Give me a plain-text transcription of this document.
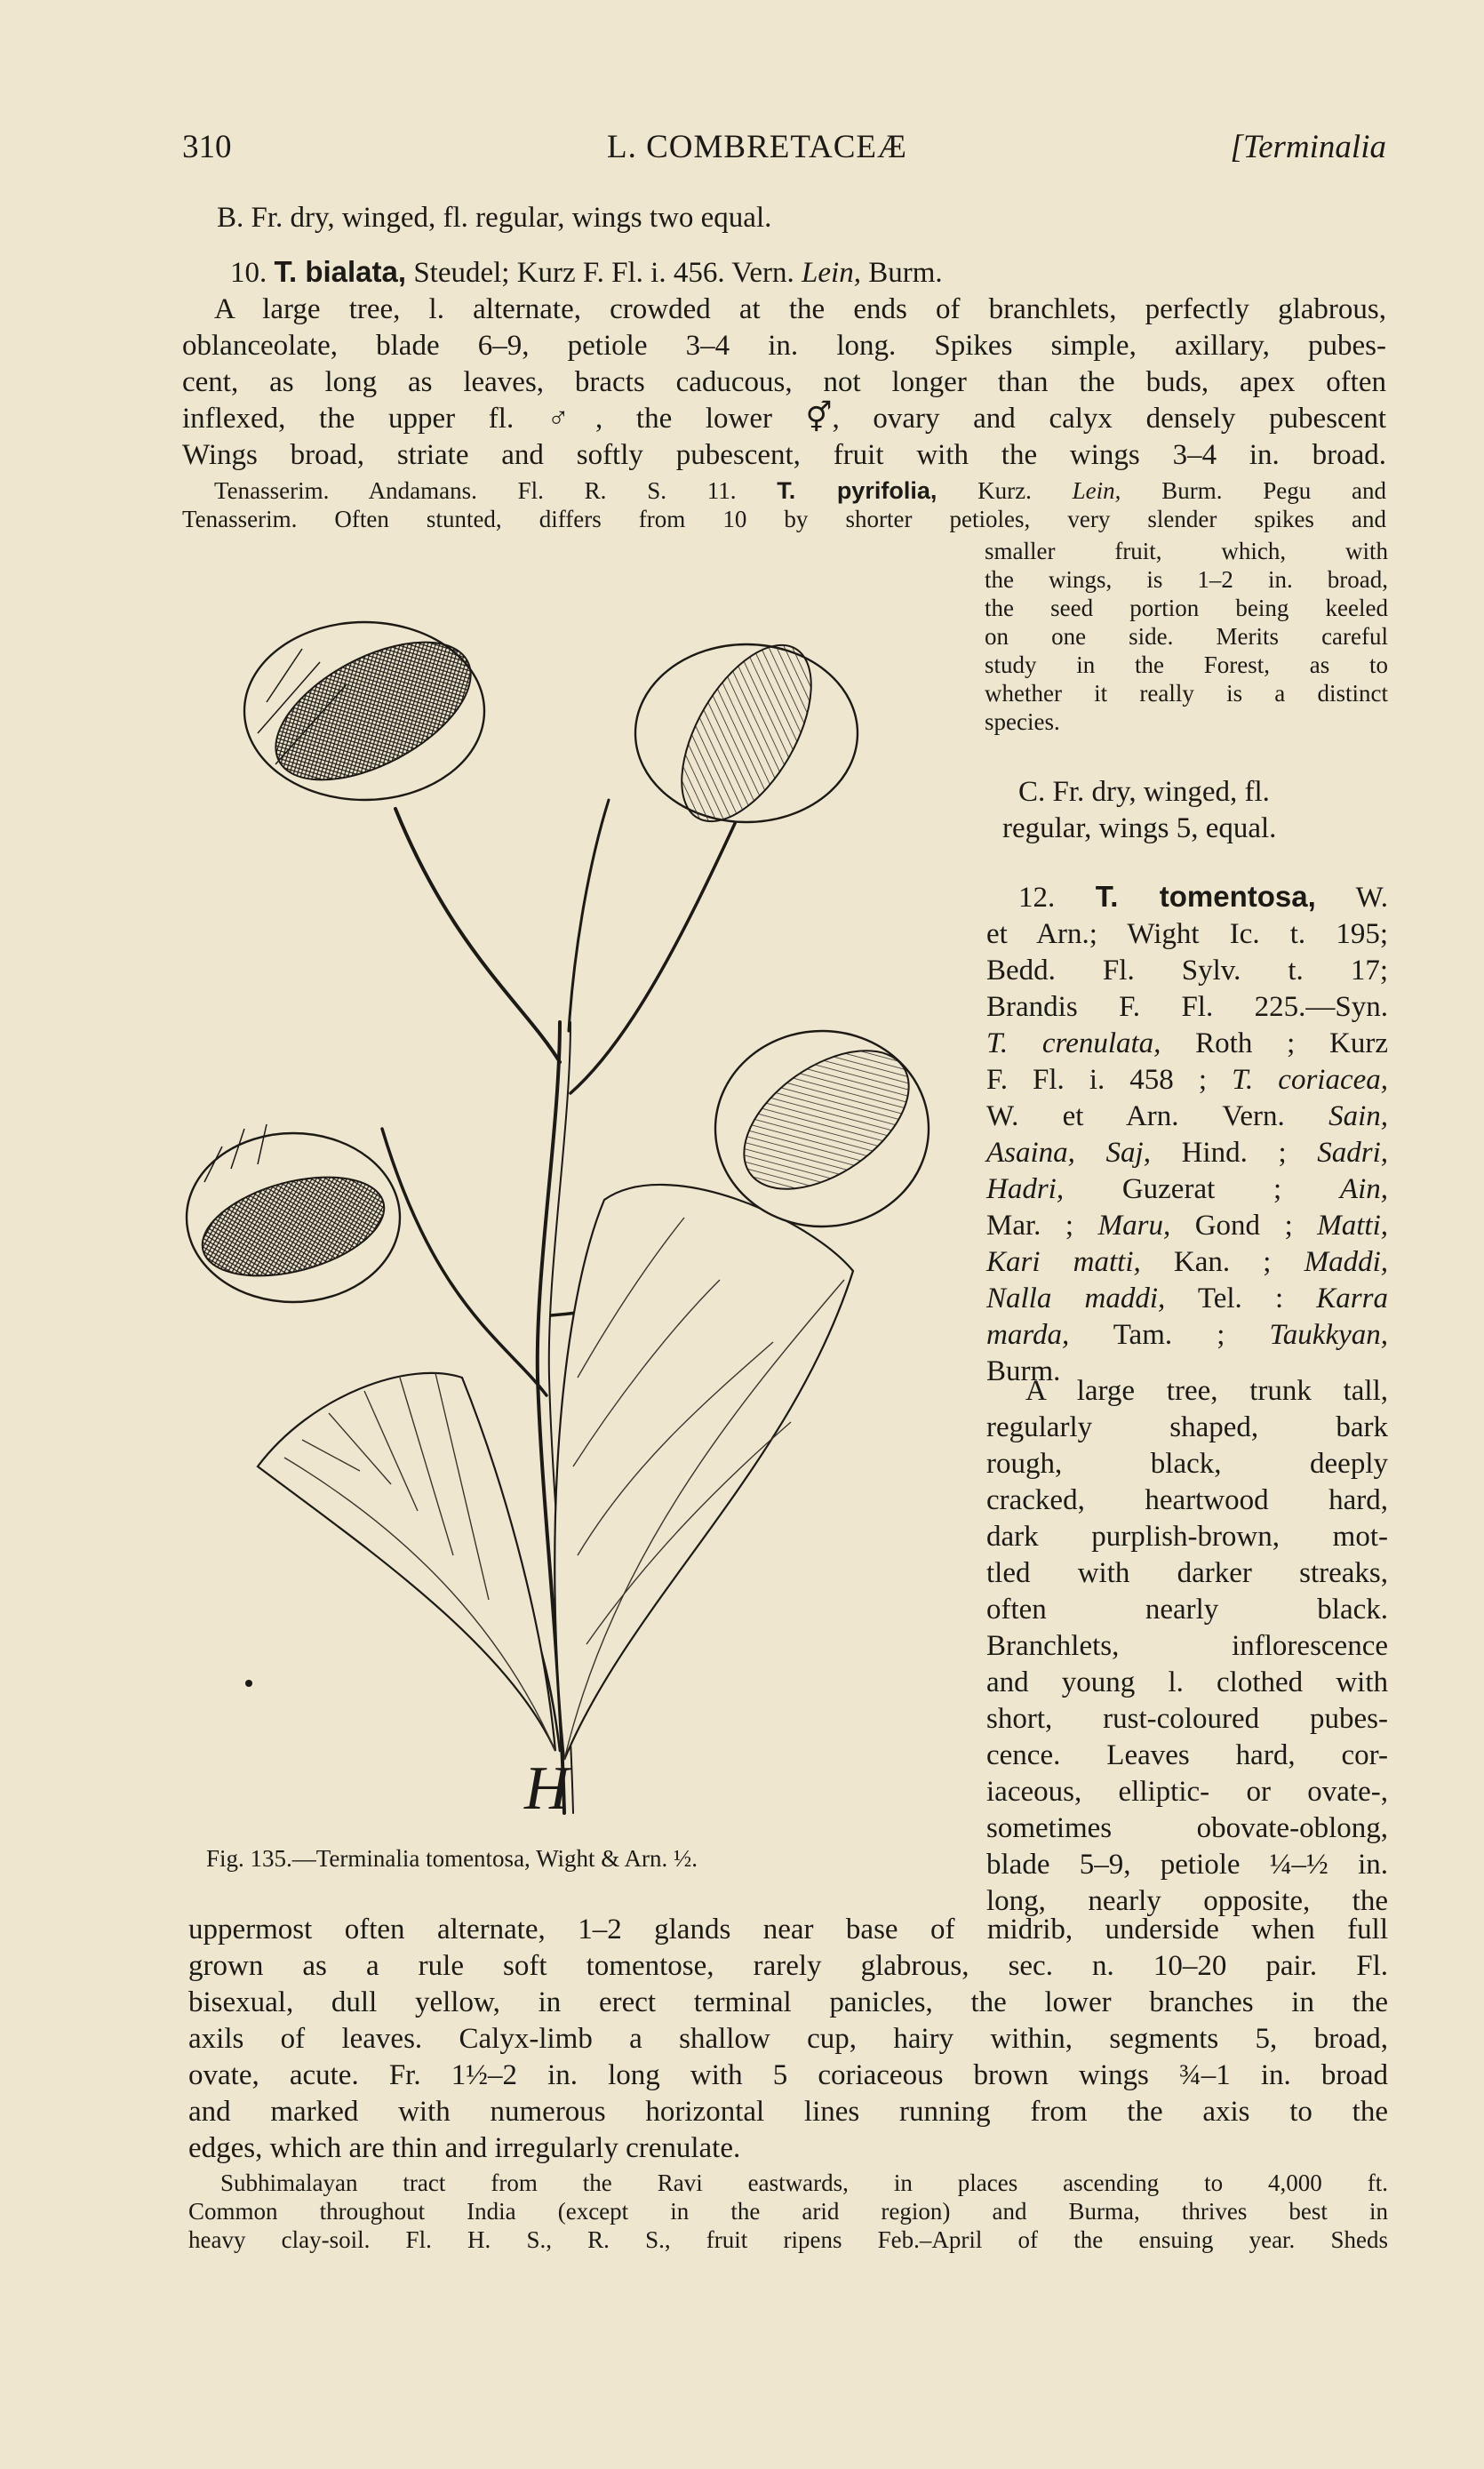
310	L. COMBRETACEÆ	[Terminalia
B. Fr. dry, winged, fl. regular, wings two equal.
10. T. bialata, Steudel; Kurz F. Fl. i. 456. Vern. Lein, Burm.
A large tree, l. alternate, crowded at the ends of branchlets, perfectly glabrous,
oblanceolate, blade 6–9, petiole 3–4 in. long. Spikes simple, axillary, pubes-
cent, as long as leaves, bracts caducous, not longer than the buds, apex often
inflexed, the upper fl. ♂, the lower ⚥, ovary and calyx densely pubescent
Wings broad, striate and softly pubescent, fruit with the wings 3–4 in. broad.
Tenasserim. Andamans. Fl. R. S. 11. T. pyrifolia, Kurz. Lein, Burm. Pegu and
Tenasserim. Often stunted, differs from 10 by shorter petioles, very slender spikes and
smaller fruit, which, with
the wings, is 1–2 in. broad,
the seed portion being keeled
on one side. Merits careful
study in the Forest, as to
whether it really is a distinct
species.
C. Fr. dry, winged, fl.
regular, wings 5, equal.
12. T. tomentosa, W.
et Arn.; Wight Ic. t. 195;
Bedd. Fl. Sylv. t. 17;
Brandis F. Fl. 225.—Syn.
T. crenulata, Roth ; Kurz
F. Fl. i. 458 ; T. coriacea,
W. et Arn. Vern. Sain,
Asaina, Saj, Hind. ; Sadri,
Hadri, Guzerat ; Ain,
Mar. ; Maru, Gond ; Matti,
Kari matti, Kan. ; Maddi,
Nalla maddi, Tel. : Karra
marda, Tam. ; Taukkyan,
Burm.
A large tree, trunk tall,
regularly shaped, bark
rough, black, deeply
cracked, heartwood hard,
dark purplish-brown, mot-
tled with darker streaks,
often nearly black.
Branchlets, inflorescence
and young l. clothed with
short, rust-coloured pubes-
cence. Leaves hard, cor-
iaceous, elliptic- or ovate-,
sometimes obovate-oblong,
blade 5–9, petiole ¼–½ in.
long, nearly opposite, the
uppermost often alternate, 1–2 glands near base of midrib, underside when full
grown as a rule soft tomentose, rarely glabrous, sec. n. 10–20 pair. Fl.
bisexual, dull yellow, in erect terminal panicles, the lower branches in the
axils of leaves. Calyx-limb a shallow cup, hairy within, segments 5, broad,
ovate, acute. Fr. 1½–2 in. long with 5 coriaceous brown wings ¾–1 in. broad
and marked with numerous horizontal lines running from the axis to the
edges, which are thin and irregularly crenulate.
Subhimalayan tract from the Ravi eastwards, in places ascending to 4,000 ft.
Common throughout India (except in the arid region) and Burma, thrives best in
heavy clay-soil. Fl. H. S., R. S., fruit ripens Feb.–April of the ensuing year. Sheds
H
Fig. 135.—Terminalia tomentosa, Wight & Arn. ½.
